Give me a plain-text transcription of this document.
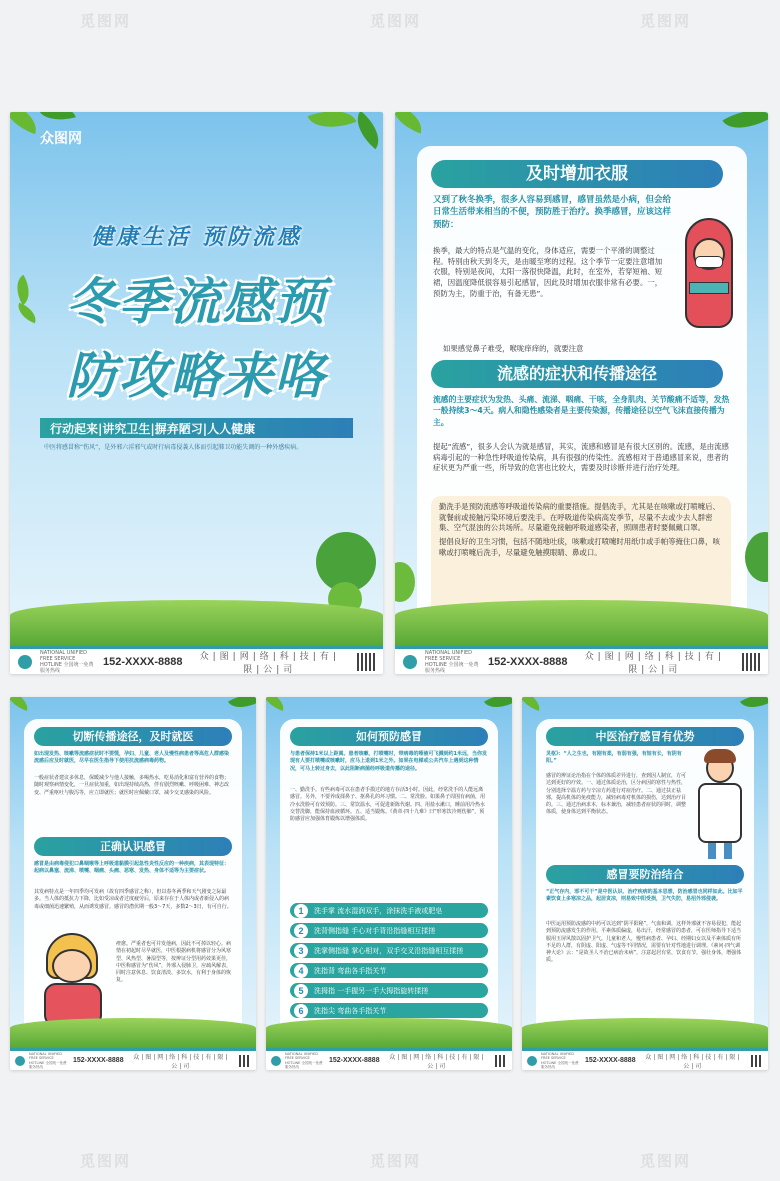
觅图网	觅图网	觅图网
觅图网	觅图网	觅图网
众图网
健康生活 预防流感
冬季流感预
防攻略来咯
行动起来|讲究卫生|摒弃陋习|人人健康
中医将感冒称“伤风”，是外邪六淫邪气或时行病毒侵袭人体而引起肺卫功能失调的一种外感疾病。
NATIONAL UNIFIED FREE SERVICE HOTLINE 全国统一免费服务热线
152-XXXX-8888	众|图|网|络|科|技|有|限|公|司
及时增加衣服
又到了秋冬换季，很多人容易到感冒，感冒虽然是小病，但会给日常生活带来相当的不便，预防胜于治疗。换季感冒，应该这样预防：
换季，最大的特点是气温的变化，身体适应，需要一个平滑的调整过程。特别由秋天到冬天，是由暖至寒的过程。这个季节一定要注意增加衣服，特别是夜间，太阳一落很快降温，此时，在室外，若穿短袖、短裙，因温度降低很容易引起感冒，因此及时增加衣服非常有必要。一，预防为主，防重于治，有备无患”。
如果感觉鼻子难受，喉咙痒痒的，就要注意
流感的症状和传播途径
流感的主要症状为发热、头痛、流涕、咽痛、干咳，全身肌肉、关节酸痛不适等，发热一般持续3～4天。病人和隐性感染者是主要传染源，传播途径以空气飞沫直接传播为主。
提起“流感”，很多人会认为就是感冒，其实，流感和感冒是有很大区别的。流感，是由流感病毒引起的一种急性呼吸道传染病，具有很强的传染性。流感相对于普通感冒来说，患者的症状更为严重一些，所导致的危害也比较大，需要及时诊断并进行治疗处理。
勤洗手是预防流感等呼吸道传染病的重要措施。提倡洗手，尤其是在咳嗽或打喷嚏后、就餐前或接触污染环境后要洗手。在呼吸道传染病高发季节，尽量不去或少去人群密集、空气混浊的公共场所。尽量避免接触呼吸道感染者，照顾患者时要佩戴口罩。
提倡良好的卫生习惯，包括不随地吐痰，咳嗽或打喷嚏时用纸巾或手帕等掩住口鼻，咳嗽或打喷嚏后洗手，尽量避免触摸眼睛、鼻或口。
NATIONAL UNIFIED FREE SERVICE HOTLINE 全国统一免费服务热线
152-XXXX-8888	众|图|网|络|科|技|有|限|公|司
切断传播途径，及时就医
如出现发热、咳嗽等流感症状时不要慌，孕妇、儿童、老人及慢性病患者等高危人群感染流感后应及时就医，尽早在医生指导下使用抗流感病毒药物。
一般症状者建议多休息，保暖减少与他人接触，多喝热水，吃易消化和富有营养的食物；随时观察病情变化，一旦症状加重，如出现持续高热，伴有剧烈咳嗽、呼吸困难、神志改变、严重呕吐与腹泻等，应立即就医；就医时应佩戴口罩，减少交叉感染的风险。
正确认识感冒
感冒是由病毒侵犯口鼻咽喉等上呼吸道黏膜引起急性炎性反应的一种疾病，其表现特征：起病以鼻塞、流涕、喷嚏、咽痛、头痛、恶寒、发热、身体不适等为主要症状。
其发病特点是一年四季均可发病（故有四季感冒之称），但以春冬两季和天气剧变之际最多。当人体的抵抗力下降，比如受凉或者过度疲劳后，原来存在于人体内或者新侵入的病毒或细菌迅速繁殖，从而诱发感冒。感冒的潜伏期一般3～7天，多数2～3日，有可自行。
痊愈。严重者也可并发他病，因此不可掉以轻心。病情在初起时尽早就医，中医根据病机将感冒分为风寒型、风热型、暑湿型等，按辨证分型用药效果更佳，中医称感冒为“伤风”，外邪入侵肺卫，应疏风解表，同时注意休息、饮食清淡、多饮水，有利于身体的恢复。
NATIONAL UNIFIED FREE SERVICE HOTLINE 全国统一免费服务热线
152-XXXX-8888	众|图|网|络|科|技|有|限|公|司
如何预防感冒
与患者保持1米以上距离。患者咳嗽、打喷嚏时，带病毒的唾液可飞溅到约1米远，当你发现有人要打喷嚏或咳嗽时，应马上退到1米之外。如果在电梯或公共汽车上遇到这种情况，可马上转过身去，以此阻断病菌经呼吸道传播的途径。
一、勤洗手。有些病毒可以在患者手摸过的地方存活3小时。因此，经常洗手的人能远离感冒。另外，不要养成揉鼻子、抠鼻孔的坏习惯。二、常洗脸。如果鼻子周围有病菌，用冷水洗脸可有效预防。三、常饮温水，可促进新陈代谢。四、用盐水漱口，睡前用冷热水交替洗脚，能保持血液循环。五、适当锻炼。《黄帝·四十九难》曰“形寒饮冷则伤肺”，预防感冒应加强体育锻炼以增强体质。
1	洗手掌 流水湿润双手，涂抹洗手液或肥皂
2	洗背侧指缝 手心对手背沿指缝相互揉搓
3	洗掌侧指缝 掌心相对，双手交叉沿指缝相互揉搓
4	洗指背 弯曲各手指关节
5	洗拇指 一手握另一手大拇指旋转揉搓
6	洗指尖 弯曲各手指关节
NATIONAL UNIFIED FREE SERVICE HOTLINE 全国统一免费服务热线
152-XXXX-8888	众|图|网|络|科|技|有|限|公|司
中医治疗感冒有优势
灵枢》：“人之生也，有刚有柔，有弱有强，有短有长，有阴有阳。”
感冒的辨证论治指在个体的体质差异进行，查到因人制宜，方可达到更好的疗效。一、通过体质论治，区分病因的寒性与热性，分别选择辛温方药与辛凉方药进行对症治疗。二、通过扶正祛邪，提高机体的免疫能力，减轻病毒对机体的损伤，达到治疗目的。三、通过治病求本，标本兼治，减轻患者症状的同时，调整体质，使身体达到平衡状态。
感冒要防治结合
“正气存内，邪不可干”是中医认识、治疗疾病的基本思想，防治感冒也同样如此。比如平素饮食上多寒凉之品，起居贪凉，则易致中阳受损，卫气失防，易招外邪侵袭。
中医运用预防流感的中药可以达到“阴平阳秘”，气血和调，这样外邪就不容易侵犯，能起到预防流感发生的作用。平素体质偏虚，易出汗，经常感冒的患者，可在医师指导下适当服用玉屏风散以固护卫气。儿童和老人，慢性病患者、孕妇、经期妇女以及平素体质有所不足的人群，有阴虚、阳虚、气虚等不同情况，需要有针对性地进行调理。《素问·四气调神大论》云：“是故圣人不治已病治未病”，注意起居有常，饮食有节，强壮身体，增强体质。
NATIONAL UNIFIED FREE SERVICE HOTLINE 全国统一免费服务热线
152-XXXX-8888	众|图|网|络|科|技|有|限|公|司
